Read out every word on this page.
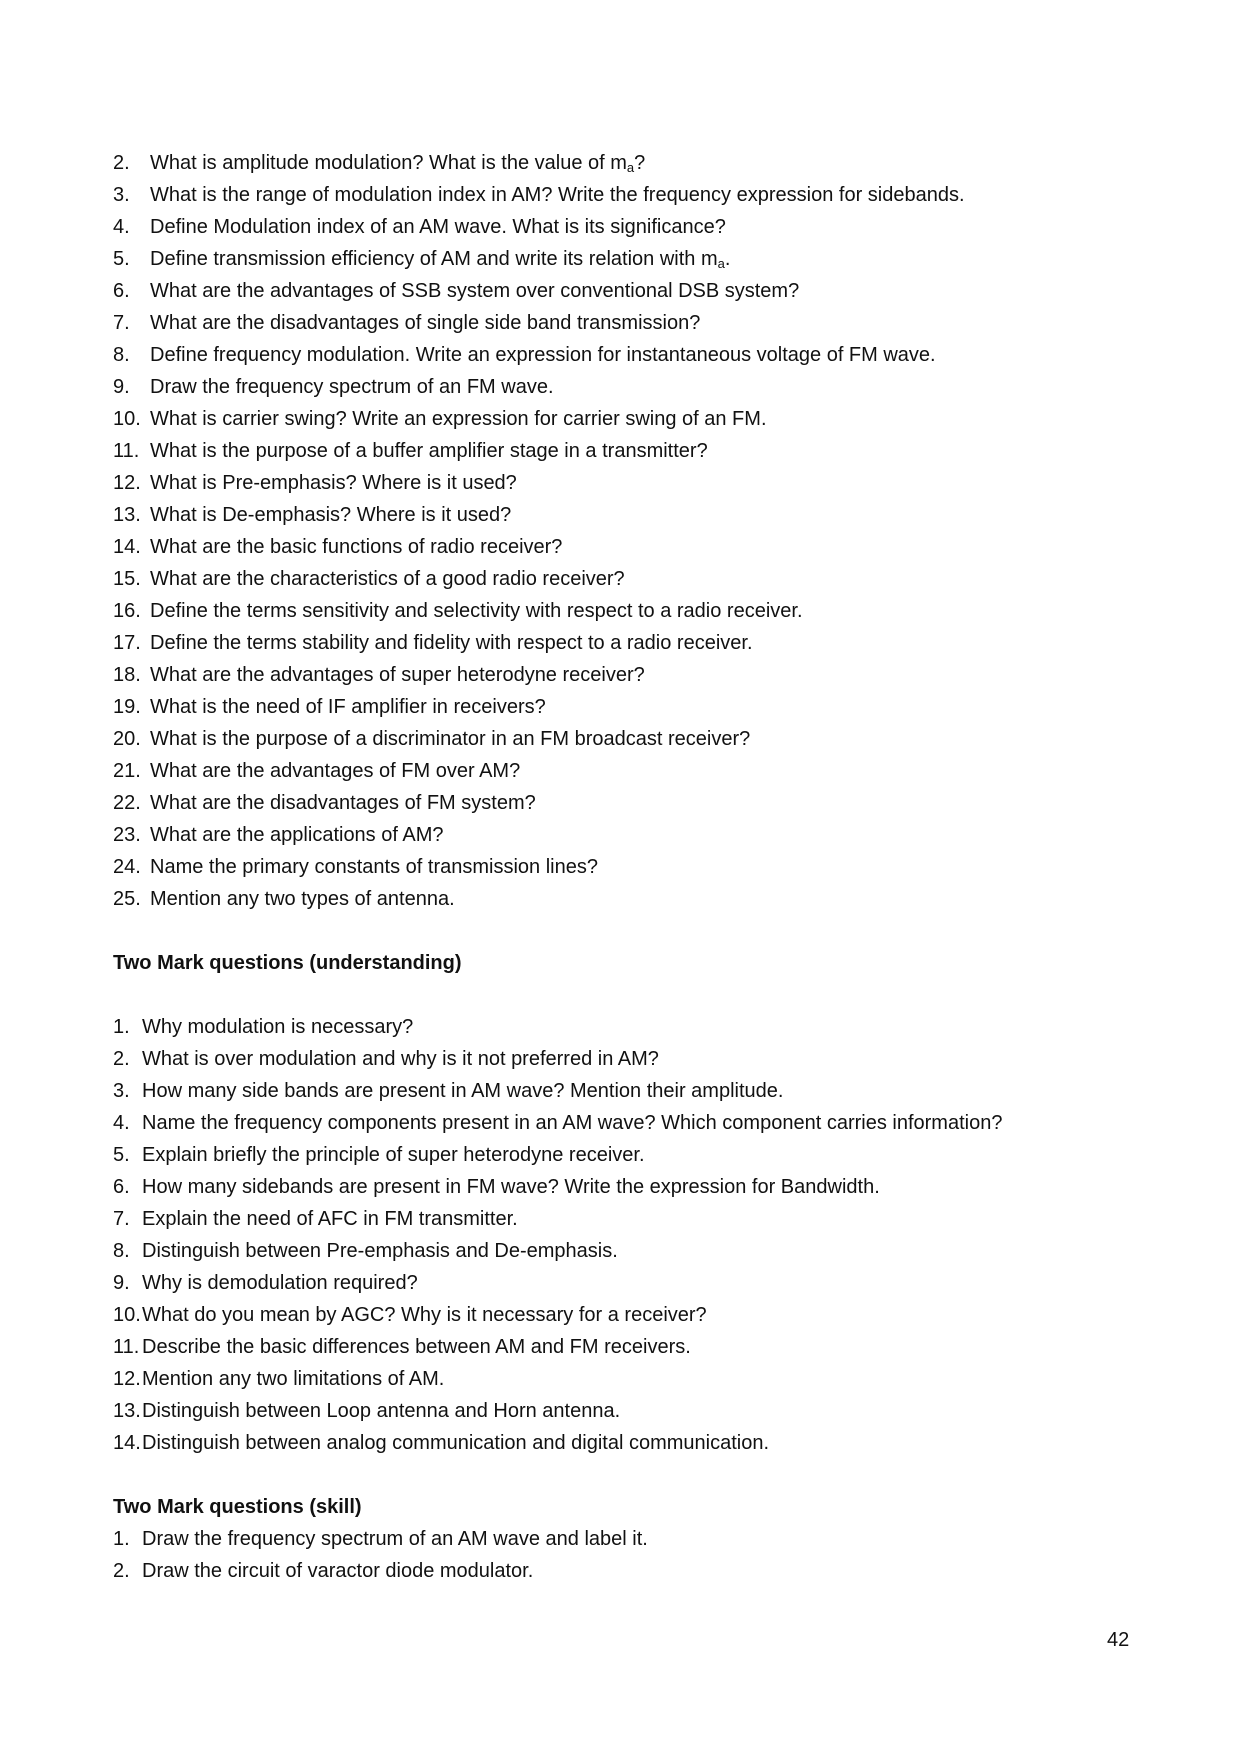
2. What is amplitude modulation? What is the value of $m_a$?
3. What is the range of modulation index in AM? Write the frequency expression for sidebands.
4. Define Modulation index of an AM wave. What is its significance?
5. Define transmission efficiency of AM and write its relation with $m_a$.
6. What are the advantages of SSB system over conventional DSB system?
7. What are the disadvantages of single side band transmission?
8. Define frequency modulation. Write an expression for instantaneous voltage of FM wave.
9. Draw the frequency spectrum of an FM wave.
10. What is carrier swing? Write an expression for carrier swing of an FM.
11. What is the purpose of a buffer amplifier stage in a transmitter?
12. What is Pre-emphasis? Where is it used?
13. What is De-emphasis? Where is it used?
14. What are the basic functions of radio receiver?
15. What are the characteristics of a good radio receiver?
16. Define the terms sensitivity and selectivity with respect to a radio receiver.
17. Define the terms stability and fidelity with respect to a radio receiver.
18. What are the advantages of super heterodyne receiver?
19. What is the need of IF amplifier in receivers?
20. What is the purpose of a discriminator in an FM broadcast receiver?
21. What are the advantages of FM over AM?
22. What are the disadvantages of FM system?
23. What are the applications of AM?
24. Name the primary constants of transmission lines?
25. Mention any two types of antenna.
Two Mark questions (understanding)
1. Why modulation is necessary?
2. What is over modulation and why is it not preferred in AM?
3. How many side bands are present in AM wave? Mention their amplitude.
4. Name the frequency components present in an AM wave? Which component carries information?
5. Explain briefly the principle of super heterodyne receiver.
6. How many sidebands are present in FM wave? Write the expression for Bandwidth.
7. Explain the need of AFC in FM transmitter.
8. Distinguish between Pre-emphasis and De-emphasis.
9. Why is demodulation required?
10. What do you mean by AGC? Why is it necessary for a receiver?
11. Describe the basic differences between AM and FM receivers.
12. Mention any two limitations of AM.
13. Distinguish between Loop antenna and Horn antenna.
14. Distinguish between analog communication and digital communication.
Two Mark questions (skill)
1. Draw the frequency spectrum of an AM wave and label it.
2. Draw the circuit of varactor diode modulator.
42
